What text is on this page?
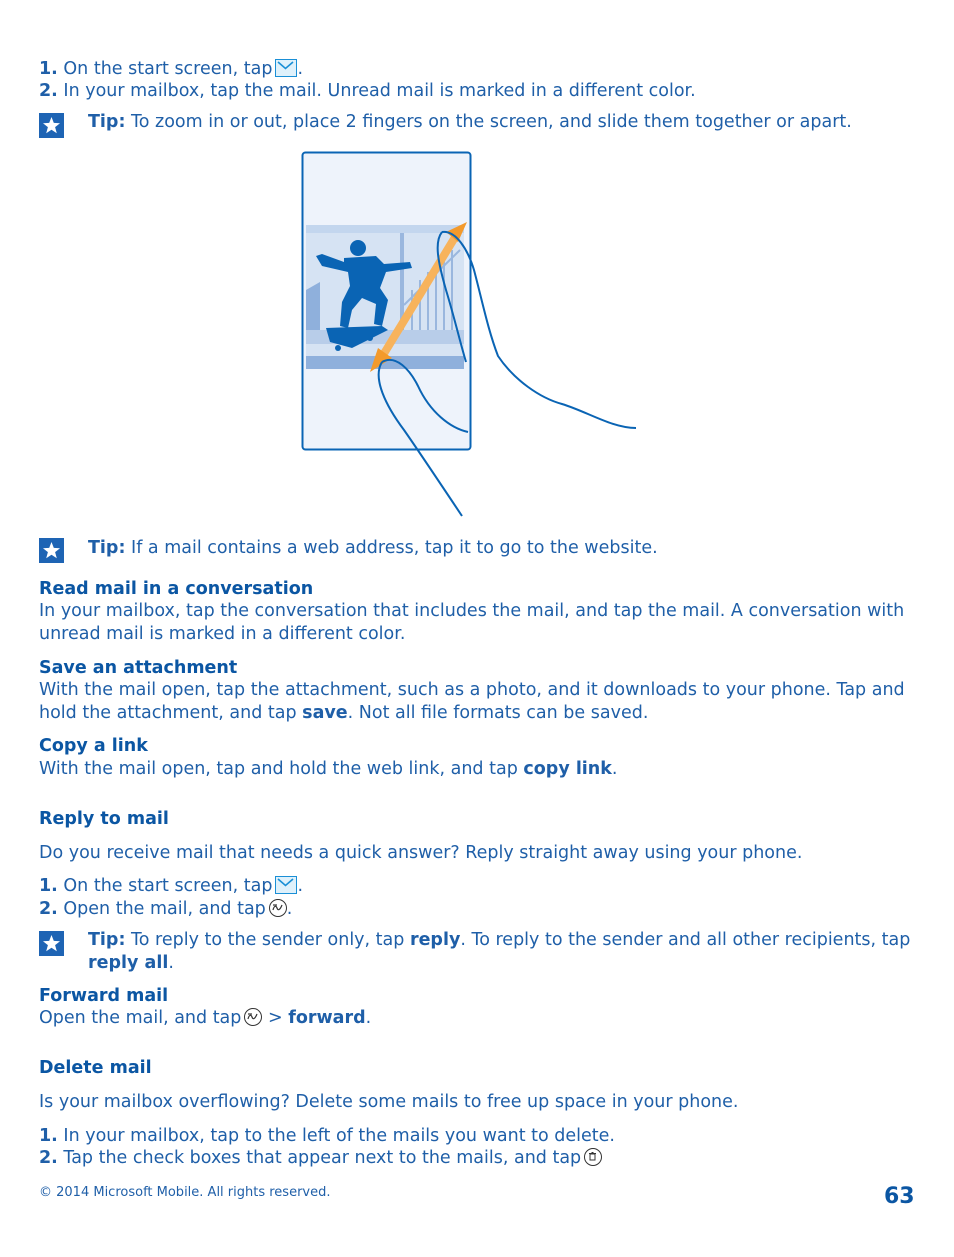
1. On the start screen, tap .
2. In your mailbox, tap the mail. Unread mail is marked in a different color.
Tip: To zoom in or out, place 2 fingers on the screen, and slide them together or apart.
Tip: If a mail contains a web address, tap it to go to the website.
Read mail in a conversation
In your mailbox, tap the conversation that includes the mail, and tap the mail. A conversation with unread mail is marked in a different color.
Save an attachment
With the mail open, tap the attachment, such as a photo, and it downloads to your phone. Tap and hold the attachment, and tap save. Not all file formats can be saved.
Copy a link
With the mail open, tap and hold the web link, and tap copy link.
Reply to mail
Do you receive mail that needs a quick answer? Reply straight away using your phone.
1. On the start screen, tap .
2. Open the mail, and tap .
Tip: To reply to the sender only, tap reply. To reply to the sender and all other recipients, tap reply all.
Forward mail
Open the mail, and tap > forward.
Delete mail
Is your mailbox overflowing? Delete some mails to free up space in your phone.
1. In your mailbox, tap to the left of the mails you want to delete.
2. Tap the check boxes that appear next to the mails, and tap
© 2014 Microsoft Mobile. All rights reserved.	63
